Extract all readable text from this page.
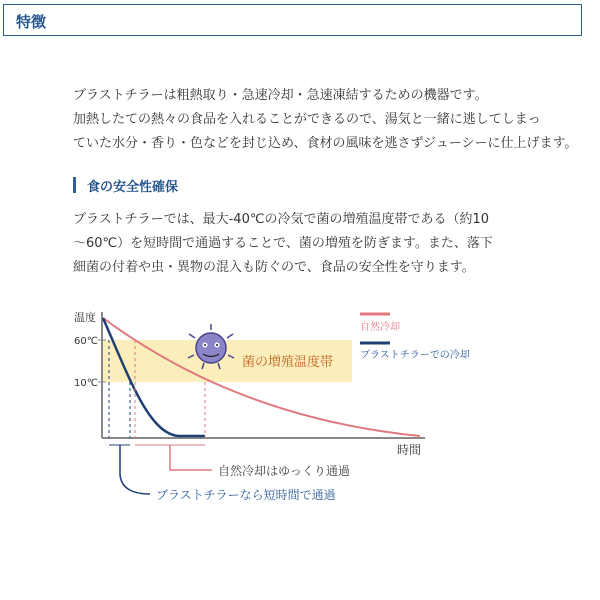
特徴
ブラストチラーは粗熱取り・急速冷却・急速凍結するための機器です。
加熱したての熱々の食品を入れることができるので、湯気と一緒に逃してしまっ
ていた水分・香り・色などを封じ込め、食材の風味を逃さずジューシーに仕上げます。
食の安全性確保
ブラストチラーでは、最大-40℃の冷気で菌の増殖温度帯である（約10
〜60℃）を短時間で通過することで、菌の増殖を防ぎます。また、落下
細菌の付着や虫・異物の混入も防ぐので、食品の安全性を守ります。
温度
60℃
10℃
時間
自然冷却はゆっくり通過
ブラストチラーなら短時間で通過
菌の増殖温度帯
自然冷却
ブラストチラーでの冷却
